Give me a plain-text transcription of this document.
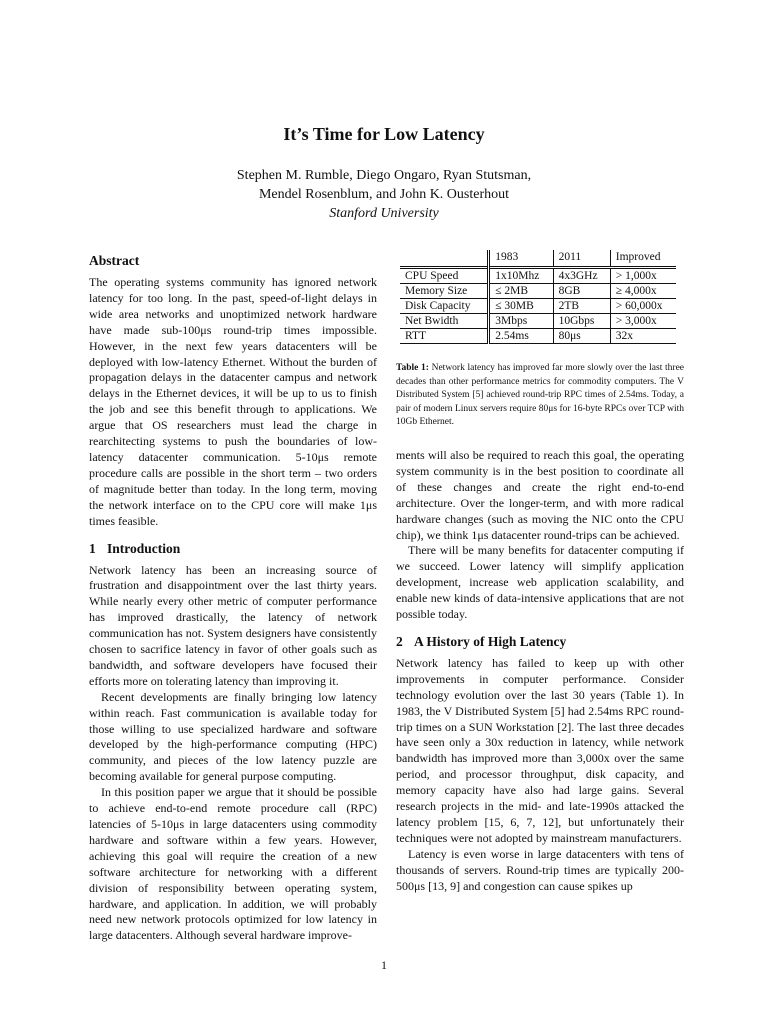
It’s Time for Low Latency
Stephen M. Rumble, Diego Ongaro, Ryan Stutsman,
Mendel Rosenblum, and John K. Ousterhout
Stanford University
Abstract

The operating systems community has ignored network latency for too long. In the past, speed-of-light delays in wide area networks and unoptimized network hardware have made sub-100μs round-trip times impossible. However, in the next few years datacenters will be deployed with low-latency Ethernet. Without the burden of propagation delays in the datacenter campus and network delays in the Ethernet devices, it will be up to us to finish the job and see this benefit through to applications. We argue that OS researchers must lead the charge in rearchitecting systems to push the boundaries of low-latency datacenter communication. 5-10μs remote procedure calls are possible in the short term – two orders of magnitude better than today. In the long term, moving the network interface on to the CPU core will make 1μs times feasible.

1 Introduction

Network latency has been an increasing source of frustration and disappointment over the last thirty years. While nearly every other metric of computer performance has improved drastically, the latency of network communication has not. System designers have consistently chosen to sacrifice latency in favor of other goals such as bandwidth, and software developers have focused their efforts more on tolerating latency than improving it.

Recent developments are finally bringing low latency within reach. Fast communication is available today for those willing to use specialized hardware and software developed by the high-performance computing (HPC) community, and pieces of the low latency puzzle are becoming available for general purpose computing.

In this position paper we argue that it should be possible to achieve end-to-end remote procedure call (RPC) latencies of 5-10μs in large datacenters using commodity hardware and software within a few years. However, achieving this goal will require the creation of a new software architecture for networking with a different division of responsibility between operating system, hardware, and application. In addition, we will probably need new network protocols optimized for low latency in large datacenters. Although several hardware improve-

	1983	2011	Improved
CPU Speed	1x10Mhz	4x3GHz	> 1,000x
Memory Size	≤ 2MB	8GB	≥ 4,000x
Disk Capacity	≤ 30MB	2TB	> 60,000x
Net Bwidth	3Mbps	10Gbps	> 3,000x
RTT	2.54ms	80μs	32x
Table 1: Network latency has improved far more slowly over the last three decades than other performance metrics for commodity computers. The V Distributed System [5] achieved round-trip RPC times of 2.54ms. Today, a pair of modern Linux servers require 80μs for 16-byte RPCs over TCP with 10Gb Ethernet.

ments will also be required to reach this goal, the operating system community is in the best position to coordinate all of these changes and create the right end-to-end architecture. Over the longer-term, and with more radical hardware changes (such as moving the NIC onto the CPU chip), we think 1μs datacenter round-trips can be achieved.

There will be many benefits for datacenter computing if we succeed. Lower latency will simplify application development, increase web application scalability, and enable new kinds of data-intensive applications that are not possible today.

2 A History of High Latency

Network latency has failed to keep up with other improvements in computer performance. Consider technology evolution over the last 30 years (Table 1). In 1983, the V Distributed System [5] had 2.54ms RPC round-trip times on a SUN Workstation [2]. The last three decades have seen only a 30x reduction in latency, while network bandwidth has improved more than 3,000x over the same period, and processor throughput, disk capacity, and memory capacity have also had large gains. Several research projects in the mid- and late-1990s attacked the latency problem [15, 6, 7, 12], but unfortunately their techniques were not adopted by mainstream manufacturers.

Latency is even worse in large datacenters with tens of thousands of servers. Round-trip times are typically 200-500μs [13, 9] and congestion can cause spikes up

1
